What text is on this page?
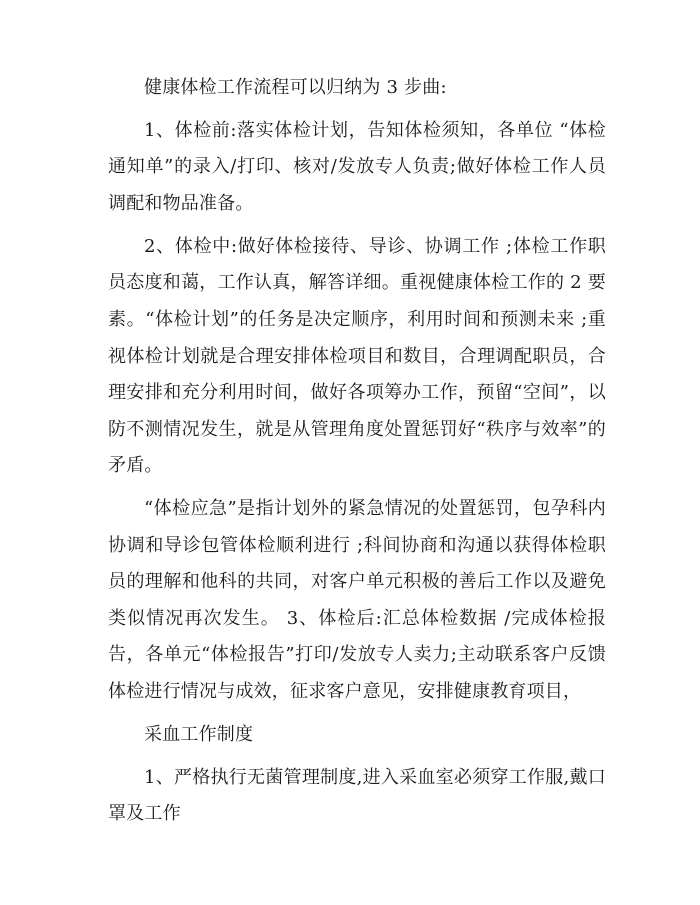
健康体检工作流程可以归纳为 3 步曲:

1、体检前:落实体检计划，告知体检须知，各单位 “体检通知单”的录入/打印、核对/发放专人负责;做好体检工作人员调配和物品准备。

2、体检中:做好体检接待、导诊、协调工作 ;体检工作职员态度和蔼，工作认真，解答详细。重视健康体检工作的 2 要素。“体检计划”的任务是决定顺序，利用时间和预测未来 ;重视体检计划就是合理安排体检项目和数目，合理调配职员，合理安排和充分利用时间，做好各项筹办工作，预留“空间”，以防不测情况发生，就是从管理角度处置惩罚好“秩序与效率”的矛盾。

“体检应急”是指计划外的紧急情况的处置惩罚，包孕科内协调和导诊包管体检顺利进行 ;科间协商和沟通以获得体检职员的理解和他科的共同，对客户单元积极的善后工作以及避免类似情况再次发生。 3、体检后:汇总体检数据 /完成体检报告，各单元“体检报告”打印/发放专人卖力;主动联系客户反馈体检进行情况与成效，征求客户意见，安排健康教育项目，

采血工作制度

1、严格执行无菌管理制度,进入采血室必须穿工作服,戴口罩及工作
